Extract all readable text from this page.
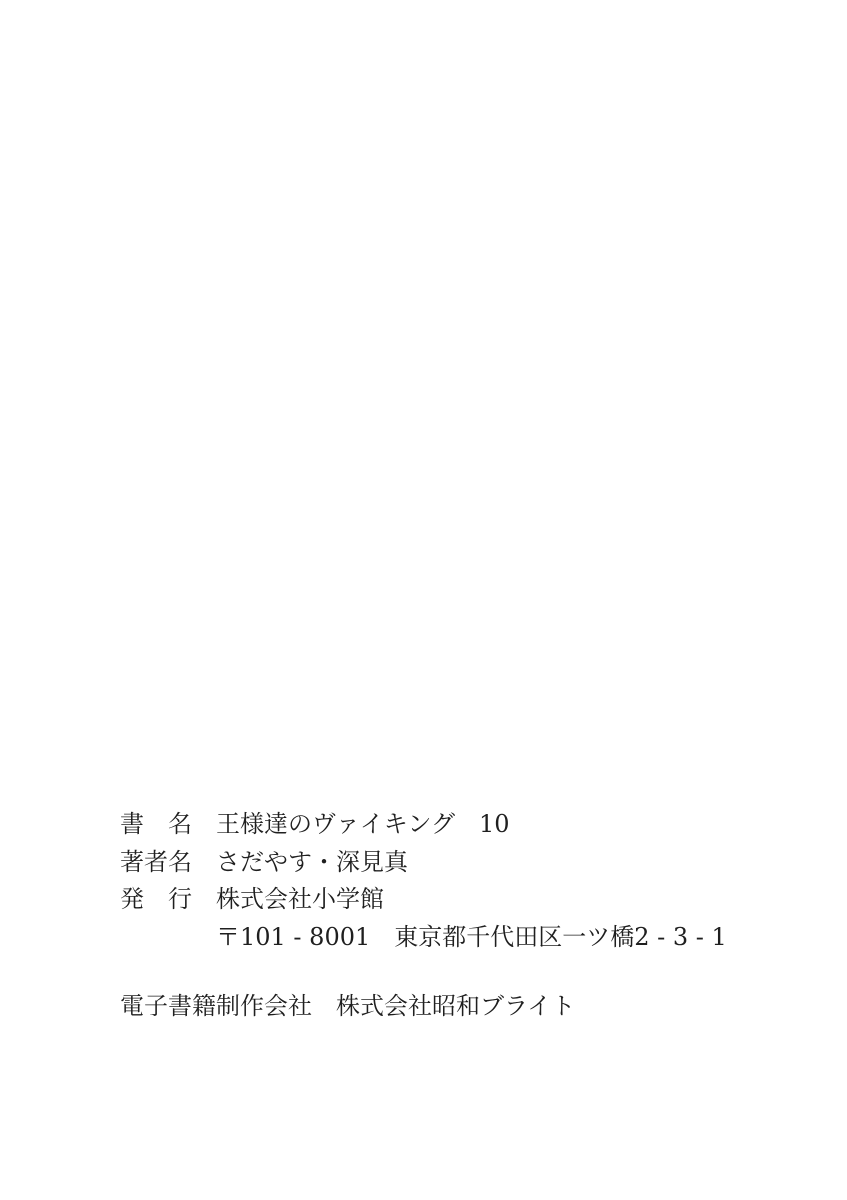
書　名 王様達のヴァイキング　10
著者名 さだやす・深見真
発　行 株式会社小学館
〒101 - 8001　東京都千代田区一ツ橋2 - 3 - 1
電子書籍制作会社　株式会社昭和ブライト
